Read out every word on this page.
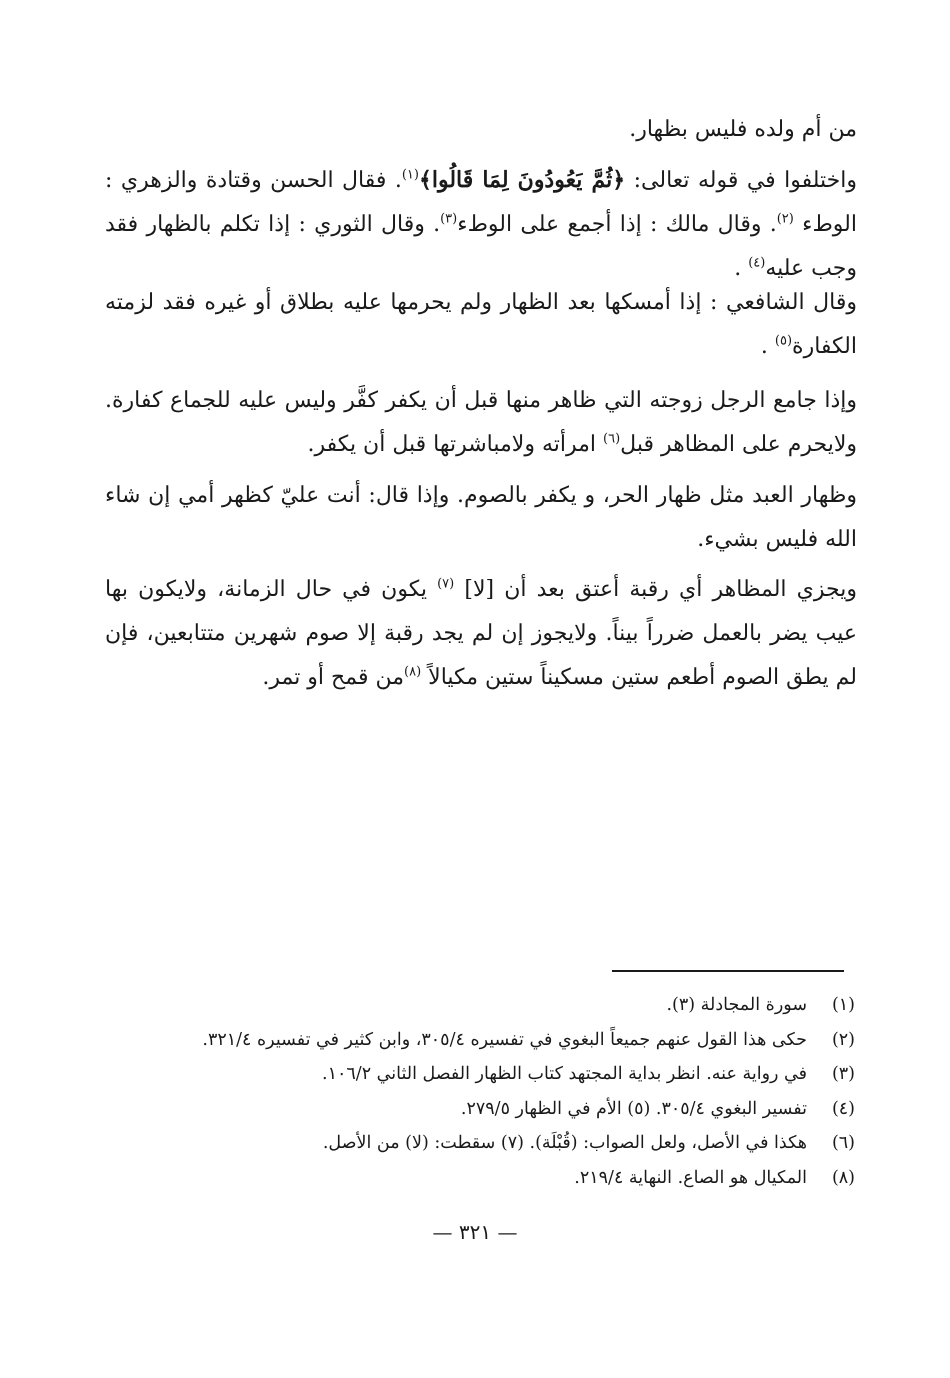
من أم ولده فليس بظهار.

واختلفوا في قوله تعالى: ﴿ثُمَّ يَعُودُونَ لِمَا قَالُوا﴾$^{(١)}$. فقال الحسن وقتادة والزهري : الوطء $^{(٢)}$. وقال مالك : إذا أجمع على الوطء$^{(٣)}$. وقال الثوري : إذا تكلم بالظهار فقد وجب عليه$^{(٤)}$ .

وقال الشافعي : إذا أمسكها بعد الظهار ولم يحرمها عليه بطلاق أو غيره فقد لزمته الكفارة$^{(٥)}$ .

وإذا جامع الرجل زوجته التي ظاهر منها قبل أن يكفر كفَّر وليس عليه للجماع كفارة. ولايحرم على المظاهر قبل$^{(٦)}$ امرأته ولامباشرتها قبل أن يكفر.

وظهار العبد مثل ظهار الحر، و يكفر بالصوم. وإذا قال: أنت عليّ كظهر أمي إن شاء الله فليس بشيء.

ويجزي المظاهر أي رقبة أعتق بعد أن [لا] $^{(٧)}$ يكون في حال الزمانة، ولايكون بها عيب يضر بالعمل ضرراً بيناً. ولايجوز إن لم يجد رقبة إلا صوم شهرين متتابعين، فإن لم يطق الصوم أطعم ستين مسكيناً ستين مكيالاً $^{(٨)}$من قمح أو تمر.

(١)سورة المجادلة (٣).
(٢)حكى هذا القول عنهم جميعاً البغوي في تفسيره ٣٠٥/٤، وابن كثير في تفسيره ٣٢١/٤.
(٣)في رواية عنه. انظر بداية المجتهد كتاب الظهار الفصل الثاني ١٠٦/٢.
(٤)تفسير البغوي ٣٠٥/٤. (٥) الأم في الظهار ٢٧٩/٥.
(٦)هكذا في الأصل، ولعل الصواب: (قُبْلَة). (٧) سقطت: (لا) من الأصل.
(٨)المكيال هو الصاع. النهاية ٢١٩/٤.
— ٣٢١ —
